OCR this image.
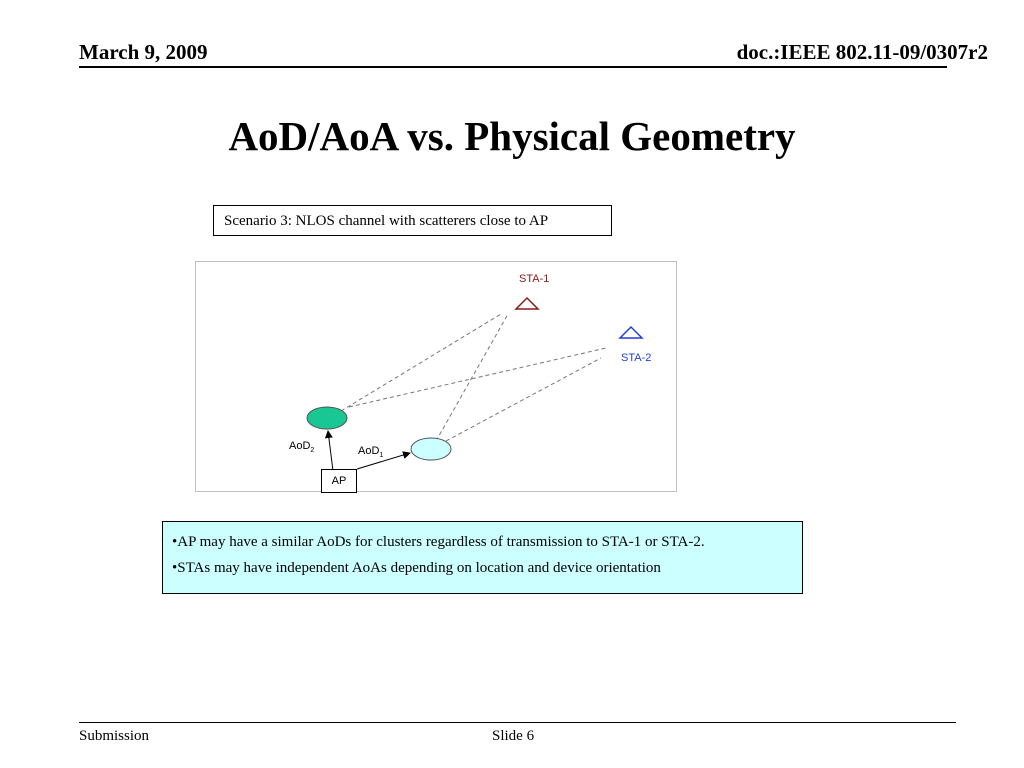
March 9, 2009	doc.:IEEE 802.11-09/0307r2
AoD/AoA vs. Physical Geometry
Scenario 3: NLOS channel with scatterers close to AP
STA-1
STA-2
AoD$_2$	AoD$_1$
AP

•AP may have a similar AoDs for clusters regardless of transmission to STA-1 or STA-2.

•STAs may have independent AoAs depending on location and device orientation

Submission	Slide 6
